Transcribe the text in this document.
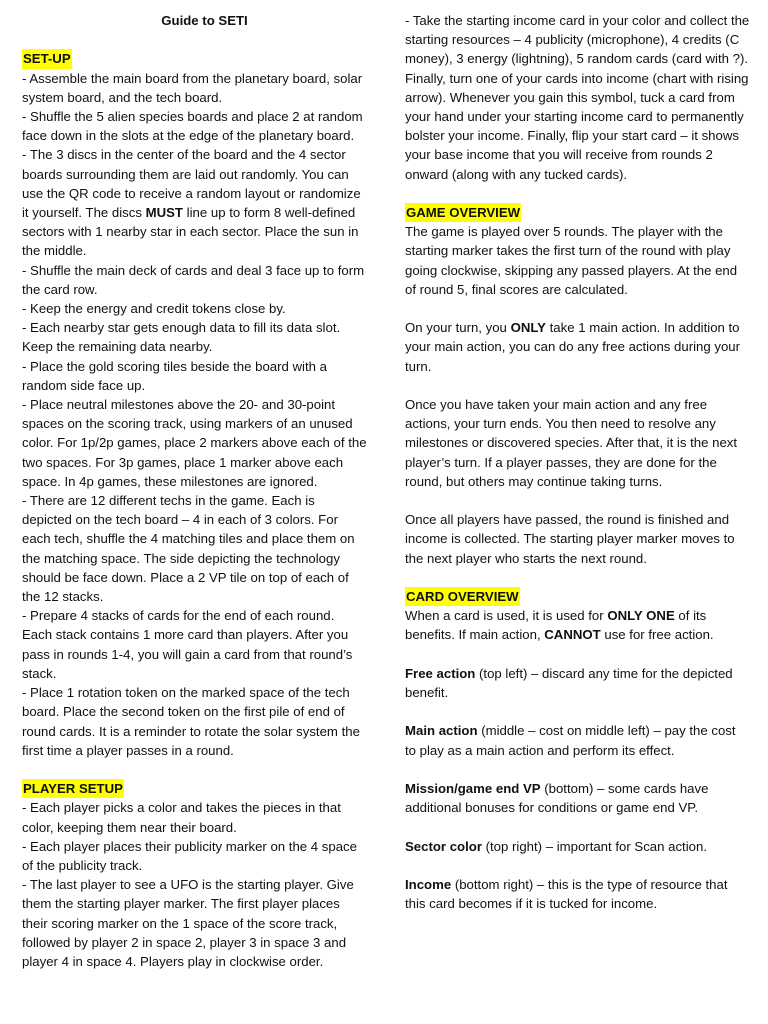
Guide to SETI

SET-UP

- Assemble the main board from the planetary board, solar system board, and the tech board.

- Shuffle the 5 alien species boards and place 2 at random face down in the slots at the edge of the planetary board.

- The 3 discs in the center of the board and the 4 sector boards surrounding them are laid out randomly. You can use the QR code to receive a random layout or randomize it yourself. The discs MUST line up to form 8 well-defined sectors with 1 nearby star in each sector. Place the sun in the middle.

- Shuffle the main deck of cards and deal 3 face up to form the card row.

- Keep the energy and credit tokens close by.

- Each nearby star gets enough data to fill its data slot. Keep the remaining data nearby.

- Place the gold scoring tiles beside the board with a random side face up.

- Place neutral milestones above the 20- and 30-point spaces on the scoring track, using markers of an unused color. For 1p/2p games, place 2 markers above each of the two spaces. For 3p games, place 1 marker above each space. In 4p games, these milestones are ignored.

- There are 12 different techs in the game. Each is depicted on the tech board – 4 in each of 3 colors. For each tech, shuffle the 4 matching tiles and place them on the matching space. The side depicting the technology should be face down. Place a 2 VP tile on top of each of the 12 stacks.

- Prepare 4 stacks of cards for the end of each round. Each stack contains 1 more card than players. After you pass in rounds 1-4, you will gain a card from that round’s stack.

- Place 1 rotation token on the marked space of the tech board. Place the second token on the first pile of end of round cards. It is a reminder to rotate the solar system the first time a player passes in a round.

PLAYER SETUP

- Each player picks a color and takes the pieces in that color, keeping them near their board.

- Each player places their publicity marker on the 4 space of the publicity track.

- The last player to see a UFO is the starting player. Give them the starting player marker. The first player places their scoring marker on the 1 space of the score track, followed by player 2 in space 2, player 3 in space 3 and player 4 in space 4. Players play in clockwise order.

- Take the starting income card in your color and collect the starting resources – 4 publicity (microphone), 4 credits (C money), 3 energy (lightning), 5 random cards (card with ?). Finally, turn one of your cards into income (chart with rising arrow). Whenever you gain this symbol, tuck a card from your hand under your starting income card to permanently bolster your income. Finally, flip your start card – it shows your base income that you will receive from rounds 2 onward (along with any tucked cards).

GAME OVERVIEW

The game is played over 5 rounds. The player with the starting marker takes the first turn of the round with play going clockwise, skipping any passed players. At the end of round 5, final scores are calculated.

On your turn, you ONLY take 1 main action. In addition to your main action, you can do any free actions during your turn.

Once you have taken your main action and any free actions, your turn ends. You then need to resolve any milestones or discovered species. After that, it is the next player’s turn. If a player passes, they are done for the round, but others may continue taking turns.

Once all players have passed, the round is finished and income is collected. The starting player marker moves to the next player who starts the next round.

CARD OVERVIEW

When a card is used, it is used for ONLY ONE of its benefits. If main action, CANNOT use for free action.

Free action (top left) – discard any time for the depicted benefit.

Main action (middle – cost on middle left) – pay the cost to play as a main action and perform its effect.

Mission/game end VP (bottom) – some cards have additional bonuses for conditions or game end VP.

Sector color (top right) – important for Scan action.

Income (bottom right) – this is the type of resource that this card becomes if it is tucked for income.
